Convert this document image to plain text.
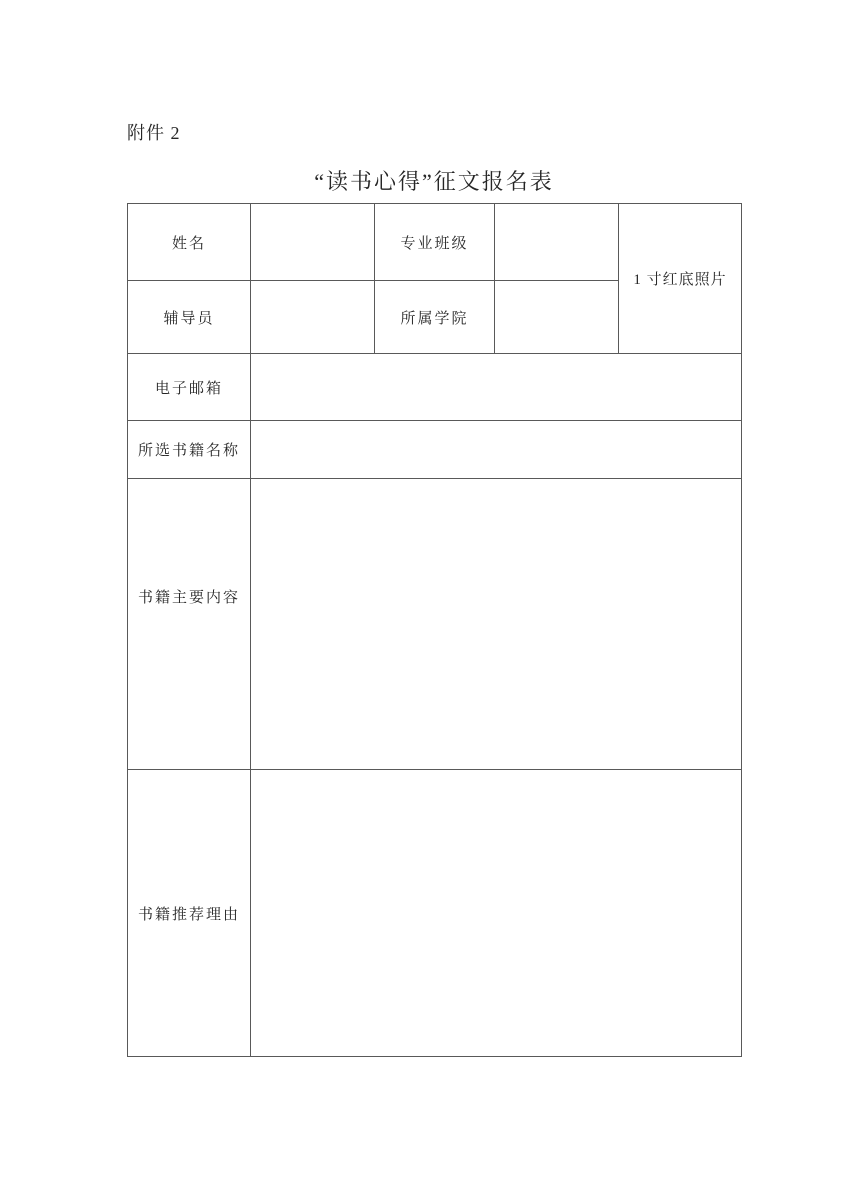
附件 2
“读书心得”征文报名表
姓名		专业班级		1 寸红底照片
辅导员		所属学院		
电子邮箱				
所选书籍名称				
书籍主要内容				
书籍推荐理由				
